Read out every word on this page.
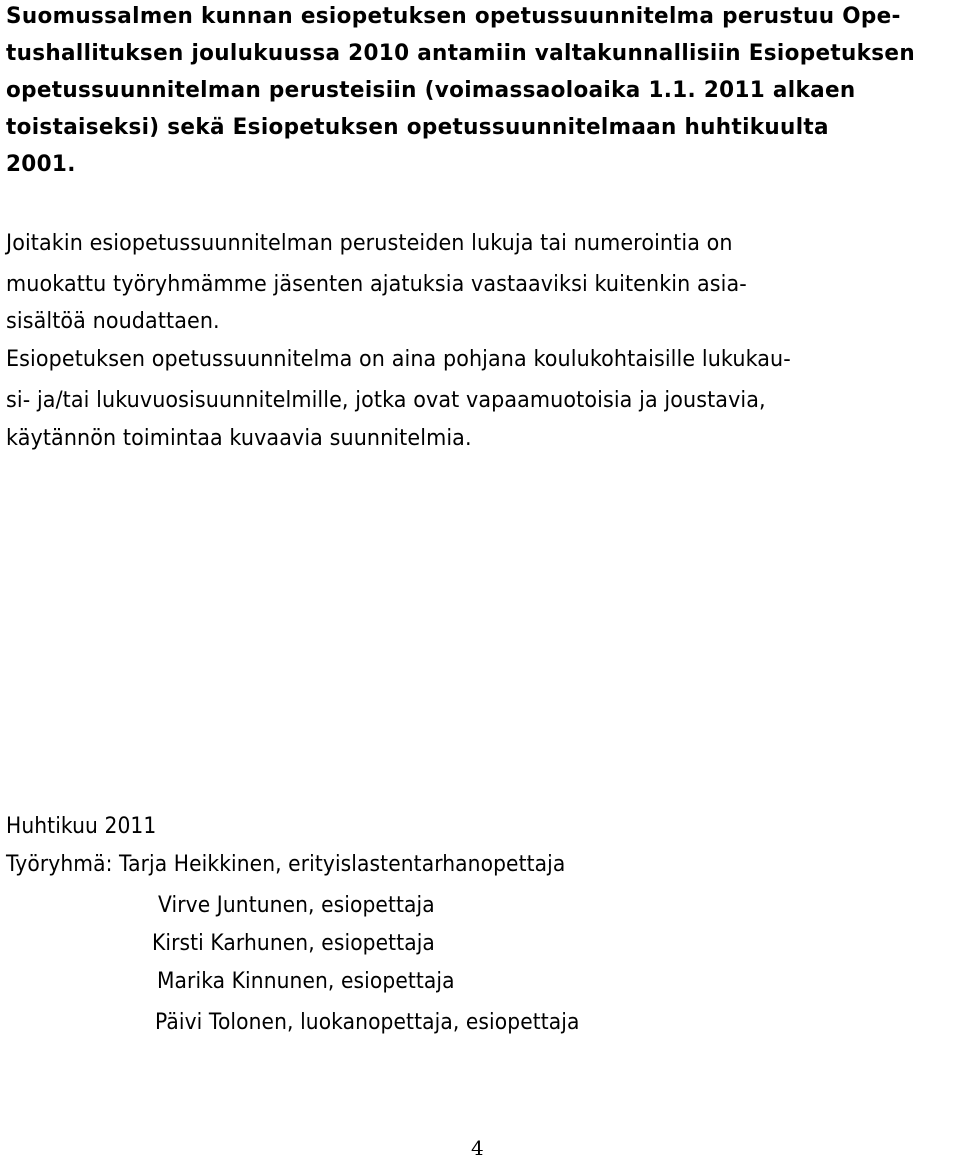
Suomussalmen kunnan esiopetuksen opetussuunnitelma perustuu Ope-
tushallituksen joulukuussa 2010 antamiin valtakunnallisiin Esiopetuksen
opetussuunnitelman perusteisiin (voimassaoloaika 1.1. 2011 alkaen
toistaiseksi) sekä Esiopetuksen opetussuunnitelmaan huhtikuulta
2001.
Joitakin esiopetussuunnitelman perusteiden lukuja tai numerointia on
muokattu työryhmämme jäsenten ajatuksia vastaaviksi kuitenkin asia-
sisältöä noudattaen.
Esiopetuksen opetussuunnitelma on aina pohjana koulukohtaisille lukukau-
si- ja/tai lukuvuosisuunnitelmille, jotka ovat vapaamuotoisia ja joustavia,
käytännön toimintaa kuvaavia suunnitelmia.
Huhtikuu 2011
Työryhmä: Tarja Heikkinen, erityislastentarhanopettaja
Virve Juntunen, esiopettaja
Kirsti Karhunen, esiopettaja
Marika Kinnunen, esiopettaja
Päivi Tolonen, luokanopettaja, esiopettaja
4
